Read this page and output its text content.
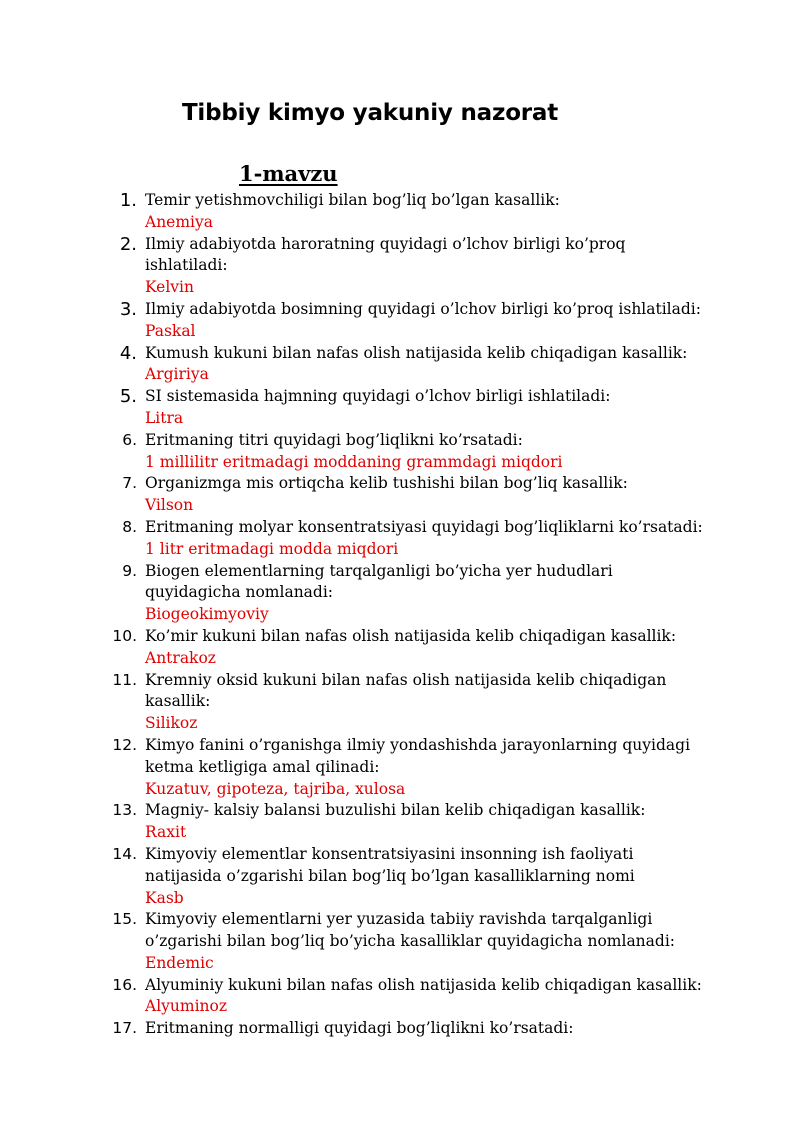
Tibbiy kimyo yakuniy nazorat
1-mavzu
1. Temir yetishmovchiligi bilan bog’liq bo’lgan kasallik:
Anemiya
2. Ilmiy adabiyotda haroratning quyidagi o’lchov birligi ko’proq ishlatiladi:
Kelvin
3. Ilmiy adabiyotda bosimning quyidagi o’lchov birligi ko’proq ishlatiladi:
Paskal
4. Kumush kukuni bilan nafas olish natijasida kelib chiqadigan kasallik:
Argiriya
5. SI sistemasida hajmning quyidagi o’lchov birligi ishlatiladi:
Litra
6. Eritmaning titri quyidagi bog’liqlikni ko’rsatadi:
1 millilitr eritmadagi moddaning grammdagi miqdori
7. Organizmga mis ortiqcha kelib tushishi bilan bog’liq kasallik:
Vilson
8. Eritmaning molyar konsentratsiyasi quyidagi bog’liqliklarni ko’rsatadi:
1 litr eritmadagi modda miqdori
9. Biogen elementlarning tarqalganligi bo’yicha yer hududlari quyidagicha nomlanadi:
Biogeokimyoviy
10. Ko’mir kukuni bilan nafas olish natijasida kelib chiqadigan kasallik:
Antrakoz
11. Kremniy oksid kukuni bilan nafas olish natijasida kelib chiqadigan kasallik:
Silikoz
12. Kimyo fanini o’rganishga ilmiy yondashishda jarayonlarning quyidagi ketma ketligiga amal qilinadi:
Kuzatuv, gipoteza, tajriba, xulosa
13. Magniy- kalsiy balansi buzulishi bilan kelib chiqadigan kasallik:
Raxit
14. Kimyoviy elementlar konsentratsiyasini insonning ish faoliyati natijasida o’zgarishi bilan bog’liq bo’lgan kasalliklarning nomi
Kasb
15. Kimyoviy elementlarni yer yuzasida tabiiy ravishda tarqalganligi o’zgarishi bilan bog’liq bo’yicha kasalliklar quyidagicha nomlanadi:
Endemic
16. Alyuminiy kukuni bilan nafas olish natijasida kelib chiqadigan kasallik:
Alyuminoz
17. Eritmaning normalligi quyidagi bog’liqlikni ko’rsatadi:
